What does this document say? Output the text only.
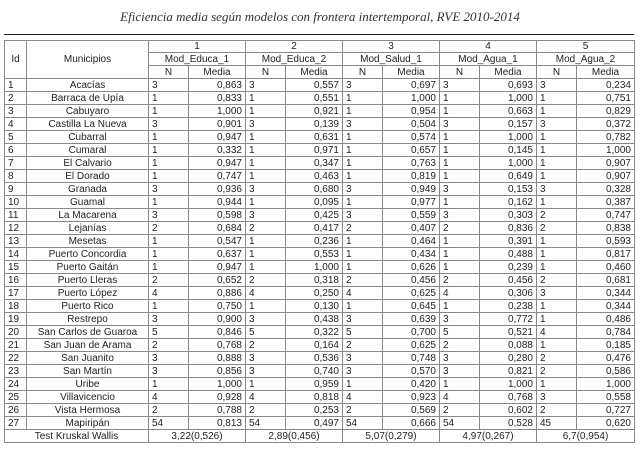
Eficiencia media según modelos con frontera intertemporal, RVE 2010-2014
Id	Municipios	1		2		3		4		5	
		Mod_Educa_1		Mod_Educa_2		Mod_Salud_1		Mod_Agua_1		Mod_Agua_2	
		N	Media	N	Media	N	Media	N	Media	N	Media
1	Acacías	3	0,863	3	0,557	3	0,697	3	0,693	3	0,234
2	Barraca de Upía	1	0,833	1	0,551	1	1,000	1	1,000	1	0,751
3	Cabuyaro	1	1,000	1	0,921	1	0,954	1	0,663	1	0,829
4	Castilla La Nueva	3	0,901	3	0,139	3	0,504	3	0,157	3	0,372
5	Cubarral	1	0,947	1	0,631	1	0,574	1	1,000	1	0,782
6	Cumaral	1	0,332	1	0,971	1	0,657	1	0,145	1	1,000
7	El Calvario	1	0,947	1	0,347	1	0,763	1	1,000	1	0,907
8	El Dorado	1	0,747	1	0,463	1	0,819	1	0,649	1	0,907
9	Granada	3	0,936	3	0,680	3	0,949	3	0,153	3	0,328
10	Guamal	1	0,944	1	0,095	1	0,977	1	0,162	1	0,387
11	La Macarena	3	0,598	3	0,425	3	0,559	3	0,303	2	0,747
12	Lejanías	2	0,684	2	0,417	2	0,407	2	0,836	2	0,838
13	Mesetas	1	0,547	1	0,236	1	0,464	1	0,391	1	0,593
14	Puerto Concordia	1	0,637	1	0,553	1	0,434	1	0,488	1	0,817
15	Puerto Gaitán	1	0,947	1	1,000	1	0,626	1	0,239	1	0,460
16	Puerto Lleras	2	0,652	2	0,318	2	0,456	2	0,456	2	0,681
17	Puerto López	4	0,886	4	0,250	4	0,625	4	0,306	3	0,344
18	Puerto Rico	1	0,750	1	0,130	1	0,645	1	0,238	1	0,344
19	Restrepo	3	0,900	3	0,438	3	0,639	3	0,772	1	0,486
20	San Carlos de Guaroa	5	0,846	5	0,322	5	0,700	5	0,521	4	0,784
21	San Juan de Arama	2	0,768	2	0,164	2	0,625	2	0,088	1	0,185
22	San Juanito	3	0,888	3	0,536	3	0,748	3	0,280	2	0,476
23	San Martín	3	0,856	3	0,740	3	0,570	3	0,821	2	0,586
24	Uribe	1	1,000	1	0,959	1	0,420	1	1,000	1	1,000
25	Villavicencio	4	0,928	4	0,818	4	0,923	4	0,768	3	0,558
26	Vista Hermosa	2	0,788	2	0,253	2	0,569	2	0,602	2	0,727
27	Mapiripán	54	0,813	54	0,497	54	0,666	54	0,528	45	0,620
Test Kruskal Wallis		3,22(0,526)		2,89(0,456)		5,07(0,279)		4,97(0,267)		6,7(0,954)	
